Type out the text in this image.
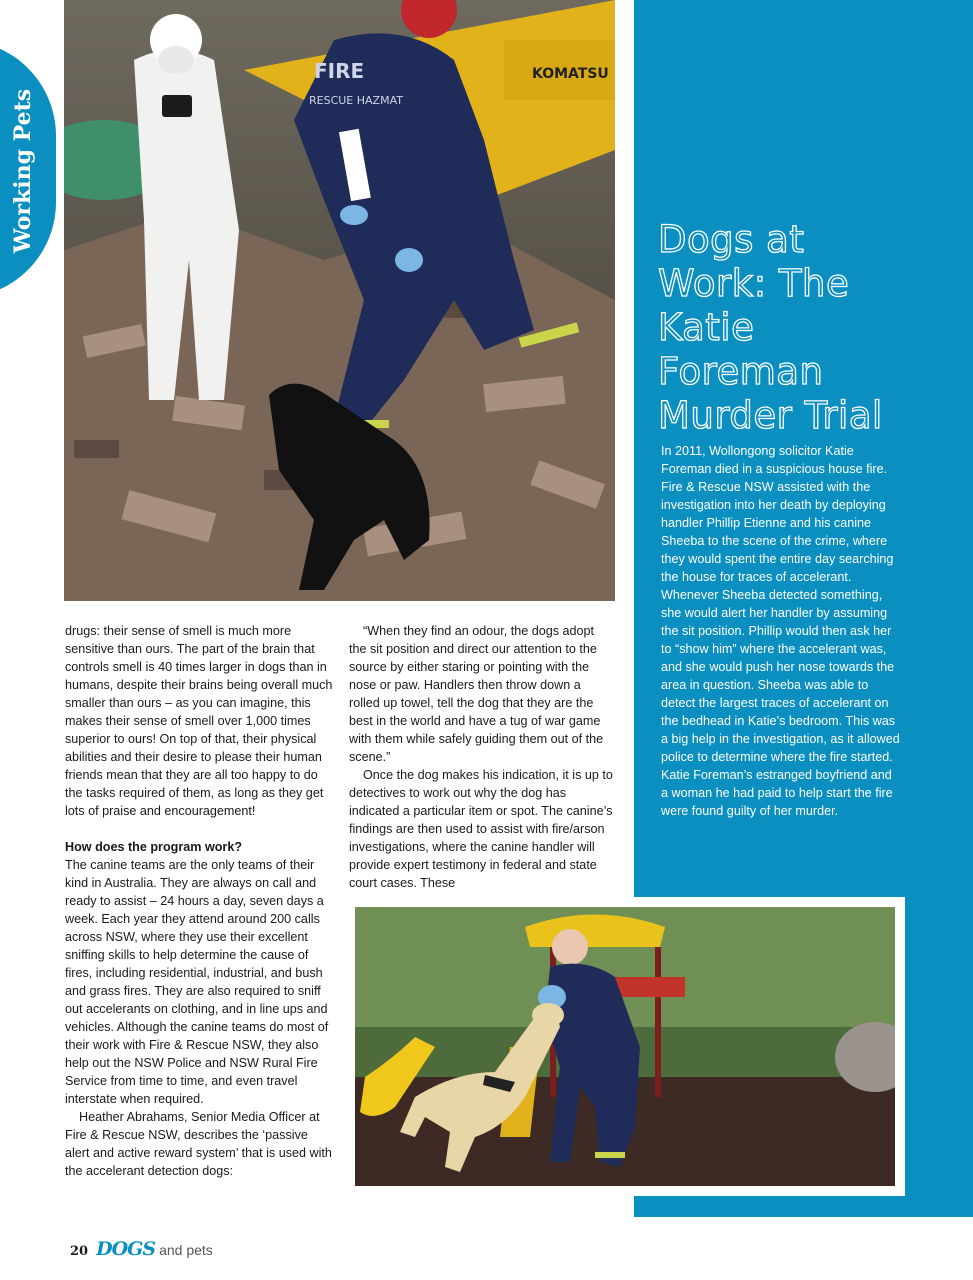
Working Pets
KOMATSU
FIRE
RESCUE HAZMAT
Dogs at
Work: The
Katie
Foreman
Murder Trial
In 2011, Wollongong solicitor Katie Foreman died in a suspicious house fire. Fire & Rescue NSW assisted with the investigation into her death by deploying handler Phillip Etienne and his canine Sheeba to the scene of the crime, where they would spent the entire day searching the house for traces of accelerant. Whenever Sheeba detected something, she would alert her handler by assuming the sit position. Phillip would then ask her to “show him” where the accelerant was, and she would push her nose towards the area in question. Sheeba was able to detect the largest traces of accelerant on the bedhead in Katie’s bedroom. This was a big help in the investigation, as it allowed police to determine where the fire started. Katie Foreman’s estranged boyfriend and a woman he had paid to help start the fire were found guilty of her murder.

drugs: their sense of smell is much more sensitive than ours. The part of the brain that controls smell is 40 times larger in dogs than in humans, despite their brains being overall much smaller than ours – as you can imagine, this makes their sense of smell over 1,000 times superior to ours! On top of that, their physical abilities and their desire to please their human friends mean that they are all too happy to do the tasks required of them, as long as they get lots of praise and encouragement!

How does the program work?

The canine teams are the only teams of their kind in Australia. They are always on call and ready to assist – 24 hours a day, seven days a week. Each year they attend around 200 calls across NSW, where they use their excellent sniffing skills to help determine the cause of fires, including residential, industrial, and bush and grass fires. They are also required to sniff out accelerants on clothing, and in line ups and vehicles. Although the canine teams do most of their work with Fire & Rescue NSW, they also help out the NSW Police and NSW Rural Fire Service from time to time, and even travel interstate when required.

Heather Abrahams, Senior Media Officer at Fire & Rescue NSW, describes the ‘passive alert and active reward system’ that is used with the accelerant detection dogs:

“When they find an odour, the dogs adopt the sit position and direct our attention to the source by either staring or pointing with the nose or paw. Handlers then throw down a rolled up towel, tell the dog that they are the best in the world and have a tug of war game with them while safely guiding them out of the scene.”

Once the dog makes his indication, it is up to detectives to work out why the dog has indicated a particular item or spot. The canine’s findings are then used to assist with fire/arson investigations, where the canine handler will provide expert testimony in federal and state court cases. These

20 DOGS and pets
